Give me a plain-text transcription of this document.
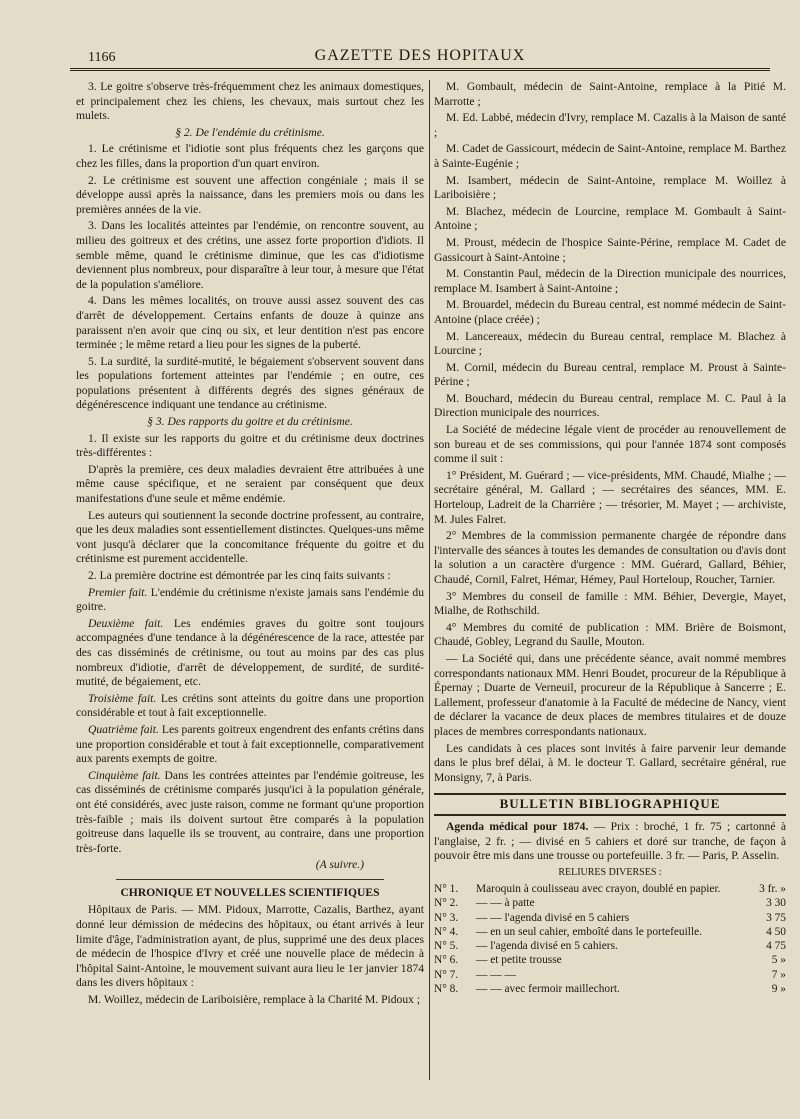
1166	GAZETTE DES HOPITAUX

3. Le goitre s'observe très-fréquemment chez les animaux domestiques, et principalement chez les chiens, les chevaux, mais surtout chez les mulets.

§ 2. De l'endémie du crétinisme.

1. Le crétinisme et l'idiotie sont plus fréquents chez les garçons que chez les filles, dans la proportion d'un quart environ.

2. Le crétinisme est souvent une affection congéniale ; mais il se développe aussi après la naissance, dans les premiers mois ou dans les premières années de la vie.

3. Dans les localités atteintes par l'endémie, on rencontre souvent, au milieu des goitreux et des crétins, une assez forte proportion d'idiots. Il semble même, quand le crétinisme diminue, que les cas d'idiotisme deviennent plus nombreux, pour disparaître à leur tour, à mesure que l'état de la population s'améliore.

4. Dans les mêmes localités, on trouve aussi assez souvent des cas d'arrêt de développement. Certains enfants de douze à quinze ans paraissent n'en avoir que cinq ou six, et leur dentition n'est pas encore terminée ; le même retard a lieu pour les signes de la puberté.

5. La surdité, la surdité-mutité, le bégaiement s'observent souvent dans les populations fortement atteintes par l'endémie ; en outre, ces populations présentent à différents degrés des signes généraux de dégénérescence indiquant une tendance au crétinisme.

§ 3. Des rapports du goitre et du crétinisme.

1. Il existe sur les rapports du goitre et du crétinisme deux doctrines très-différentes :

D'après la première, ces deux maladies devraient être attribuées à une même cause spécifique, et ne seraient par conséquent que deux manifestations d'une seule et même endémie.

Les auteurs qui soutiennent la seconde doctrine professent, au contraire, que les deux maladies sont essentiellement distinctes. Quelques-uns même vont jusqu'à déclarer que la concomitance fréquente du goitre et du crétinisme est purement accidentelle.

2. La première doctrine est démontrée par les cinq faits suivants :

Premier fait. L'endémie du crétinisme n'existe jamais sans l'endémie du goitre.

Deuxième fait. Les endémies graves du goitre sont toujours accompagnées d'une tendance à la dégénérescence de la race, attestée par des cas disséminés de crétinisme, ou tout au moins par des cas plus nombreux d'idiotie, d'arrêt de développement, de surdité, de surdité-mutité, de bégaiement, etc.

Troisième fait. Les crétins sont atteints du goitre dans une proportion considérable et tout à fait exceptionnelle.

Quatrième fait. Les parents goitreux engendrent des enfants crétins dans une proportion considérable et tout à fait exceptionnelle, comparativement aux parents exempts de goitre.

Cinquième fait. Dans les contrées atteintes par l'endémie goitreuse, les cas disséminés de crétinisme comparés jusqu'ici à la population générale, ont été considérés, avec juste raison, comme ne formant qu'une proportion très-faible ; mais ils doivent surtout être comparés à la population goitreuse dans laquelle ils se trouvent, au contraire, dans une proportion très-forte.

(A suivre.)
CHRONIQUE ET NOUVELLES SCIENTIFIQUES

Hôpitaux de Paris. — MM. Pidoux, Marrotte, Cazalis, Barthez, ayant donné leur démission de médecins des hôpitaux, ou étant arrivés à leur limite d'âge, l'administration ayant, de plus, supprimé une des deux places de médecin de l'hospice d'Ivry et créé une nouvelle place de médecin à l'hôpital Saint-Antoine, le mouvement suivant aura lieu le 1er janvier 1874 dans les divers hôpitaux :

M. Woillez, médecin de Lariboisière, remplace à la Charité M. Pidoux ;

M. Gombault, médecin de Saint-Antoine, remplace à la Pitié M. Marrotte ;

M. Ed. Labbé, médecin d'Ivry, remplace M. Cazalis à la Maison de santé ;

M. Cadet de Gassicourt, médecin de Saint-Antoine, remplace M. Barthez à Sainte-Eugénie ;

M. Isambert, médecin de Saint-Antoine, remplace M. Woillez à Lariboisière ;

M. Blachez, médecin de Lourcine, remplace M. Gombault à Saint-Antoine ;

M. Proust, médecin de l'hospice Sainte-Périne, remplace M. Cadet de Gassicourt à Saint-Antoine ;

M. Constantin Paul, médecin de la Direction municipale des nourrices, remplace M. Isambert à Saint-Antoine ;

M. Brouardel, médecin du Bureau central, est nommé médecin de Saint-Antoine (place créée) ;

M. Lancereaux, médecin du Bureau central, remplace M. Blachez à Lourcine ;

M. Cornil, médecin du Bureau central, remplace M. Proust à Sainte-Périne ;

M. Bouchard, médecin du Bureau central, remplace M. C. Paul à la Direction municipale des nourrices.

La Société de médecine légale vient de procéder au renouvellement de son bureau et de ses commissions, qui pour l'année 1874 sont composés comme il suit :

1° Président, M. Guérard ; — vice-présidents, MM. Chaudé, Mialhe ; — secrétaire général, M. Gallard ; — secrétaires des séances, MM. E. Horteloup, Ladreit de la Charrière ; — trésorier, M. Mayet ; — archiviste, M. Jules Falret.

2° Membres de la commission permanente chargée de répondre dans l'intervalle des séances à toutes les demandes de consultation ou d'avis dont la solution a un caractère d'urgence : MM. Guérard, Gallard, Béhier, Chaudé, Cornil, Falret, Hémar, Hémey, Paul Horteloup, Roucher, Tarnier.

3° Membres du conseil de famille : MM. Béhier, Devergie, Mayet, Mialhe, de Rothschild.

4° Membres du comité de publication : MM. Brière de Boismont, Chaudé, Gobley, Legrand du Saulle, Mouton.

— La Société qui, dans une précédente séance, avait nommé membres correspondants nationaux MM. Henri Boudet, procureur de la République à Épernay ; Duarte de Verneuil, procureur de la République à Sancerre ; E. Lallement, professeur d'anatomie à la Faculté de médecine de Nancy, vient de déclarer la vacance de deux places de membres titulaires et de douze places de membres correspondants nationaux.

Les candidats à ces places sont invités à faire parvenir leur demande dans le plus bref délai, à M. le docteur T. Gallard, secrétaire général, rue Monsigny, 7, à Paris.

BULLETIN BIBLIOGRAPHIQUE

Agenda médical pour 1874. — Prix : broché, 1 fr. 75 ; cartonné à l'anglaise, 2 fr. ; — divisé en 5 cahiers et doré sur tranche, de façon à pouvoir être mis dans une trousse ou portefeuille. 3 fr. — Paris, P. Asselin.

RELIURES DIVERSES :
N° 1.	Maroquin à coulisseau avec crayon, doublé en papier.	3 fr. »
N° 2.	— — à patte	3 30
N° 3.	— — l'agenda divisé en 5 cahiers	3 75
N° 4.	— en un seul cahier, emboîté dans le portefeuille.	4 50
N° 5.	— l'agenda divisé en 5 cahiers.	4 75
N° 6.	— et petite trousse	5 »
N° 7.	— — —	7 »
N° 8.	— — avec fermoir maillechort.	9 »
